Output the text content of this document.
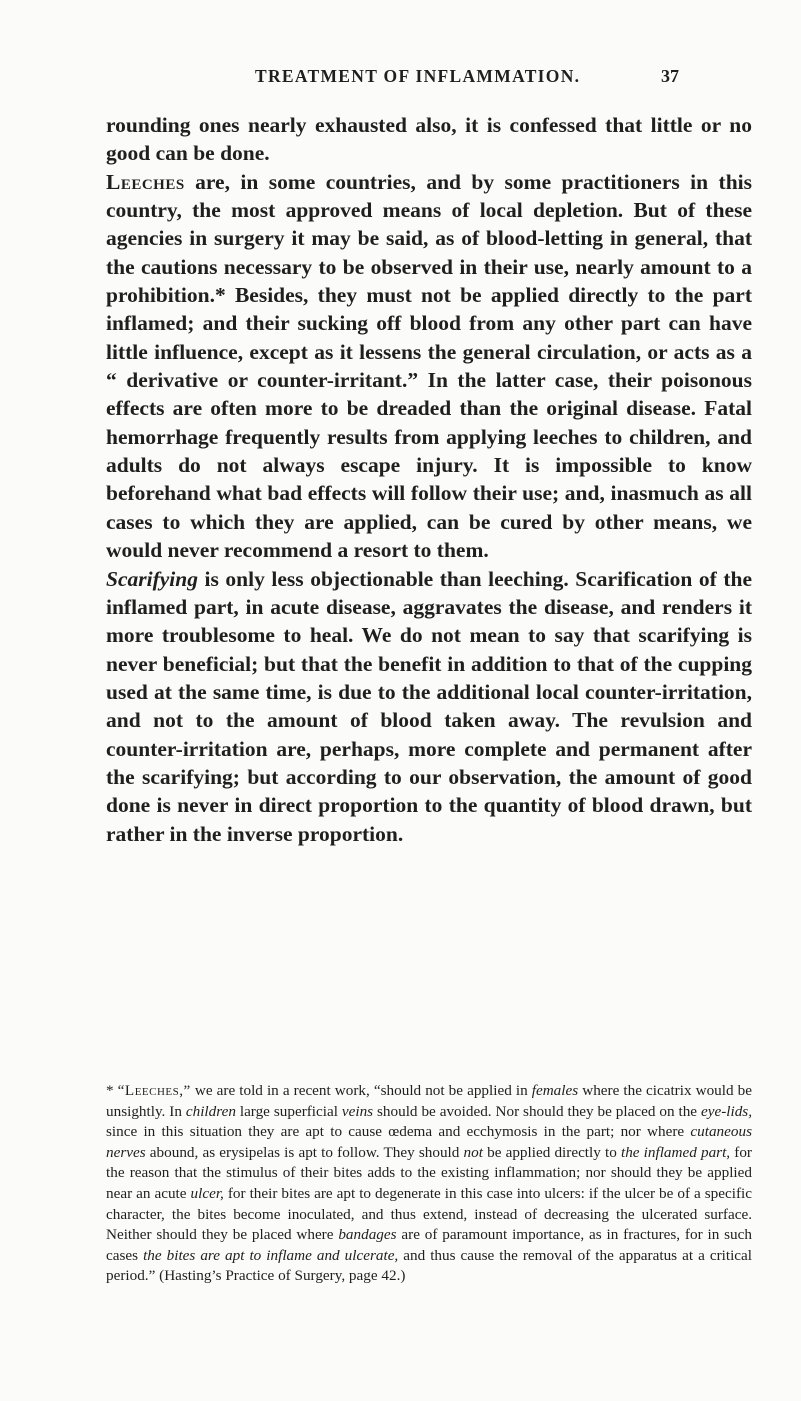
TREATMENT OF INFLAMMATION.	37

rounding ones nearly exhausted also, it is confessed that little or no good can be done.

Leeches are, in some countries, and by some practitioners in this country, the most approved means of local depletion. But of these agencies in surgery it may be said, as of blood-letting in general, that the cautions necessary to be observed in their use, nearly amount to a prohibition.* Besides, they must not be applied directly to the part inflamed; and their sucking off blood from any other part can have little influence, except as it lessens the general circulation, or acts as a “ derivative or counter-irritant.” In the latter case, their poisonous effects are often more to be dreaded than the original disease. Fatal hemorrhage frequently results from applying leeches to children, and adults do not always escape injury. It is impossible to know beforehand what bad effects will follow their use; and, inasmuch as all cases to which they are applied, can be cured by other means, we would never recommend a resort to them.

Scarifying is only less objectionable than leeching. Scarification of the inflamed part, in acute disease, aggravates the disease, and renders it more troublesome to heal. We do not mean to say that scarifying is never beneficial; but that the benefit in addition to that of the cupping used at the same time, is due to the additional local counter-irritation, and not to the amount of blood taken away. The revulsion and counter-irritation are, perhaps, more complete and permanent after the scarifying; but according to our observation, the amount of good done is never in direct proportion to the quantity of blood drawn, but rather in the inverse proportion.

* “Leeches,” we are told in a recent work, “should not be applied in females where the cicatrix would be unsightly. In children large superficial veins should be avoided. Nor should they be placed on the eye-lids, since in this situation they are apt to cause œdema and ecchymosis in the part; nor where cutaneous nerves abound, as erysipelas is apt to follow. They should not be applied directly to the inflamed part, for the reason that the stimulus of their bites adds to the existing inflammation; nor should they be applied near an acute ulcer, for their bites are apt to degenerate in this case into ulcers: if the ulcer be of a specific character, the bites become inoculated, and thus extend, instead of decreasing the ulcerated surface. Neither should they be placed where bandages are of paramount importance, as in fractures, for in such cases the bites are apt to inflame and ulcerate, and thus cause the removal of the apparatus at a critical period.” (Hasting’s Practice of Surgery, page 42.)
